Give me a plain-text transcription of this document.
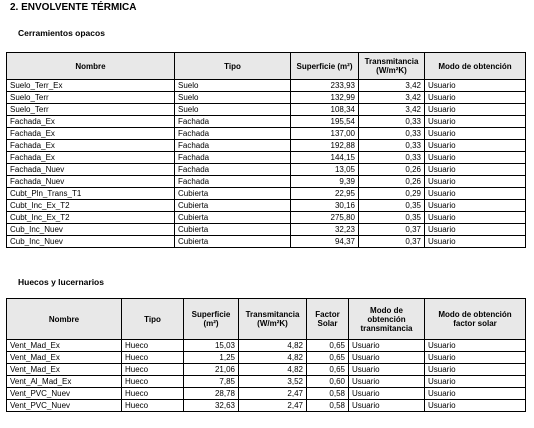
2. ENVOLVENTE TÉRMICA
Cerramientos opacos
Nombre	Tipo	Superficie (m²)	Transmitancia (W/m²K)	Modo de obtención
Suelo_Terr_Ex	Suelo	233,93	3,42	Usuario
Suelo_Terr	Suelo	132,99	3,42	Usuario
Suelo_Terr	Suelo	108,34	3,42	Usuario
Fachada_Ex	Fachada	195,54	0,33	Usuario
Fachada_Ex	Fachada	137,00	0,33	Usuario
Fachada_Ex	Fachada	192,88	0,33	Usuario
Fachada_Ex	Fachada	144,15	0,33	Usuario
Fachada_Nuev	Fachada	13,05	0,26	Usuario
Fachada_Nuev	Fachada	9,39	0,26	Usuario
Cubt_Pln_Trans_T1	Cubierta	22,95	0,29	Usuario
Cubt_Inc_Ex_T2	Cubierta	30,16	0,35	Usuario
Cubt_Inc_Ex_T2	Cubierta	275,80	0,35	Usuario
Cub_Inc_Nuev	Cubierta	32,23	0,37	Usuario
Cub_Inc_Nuev	Cubierta	94,37	0,37	Usuario
Huecos y lucernarios
Nombre	Tipo	Superficie (m²)	Transmitancia (W/m²K)	Factor Solar	Modo de obtención transmitancia	Modo de obtención factor solar
Vent_Mad_Ex	Hueco	15,03	4,82	0,65	Usuario	Usuario
Vent_Mad_Ex	Hueco	1,25	4,82	0,65	Usuario	Usuario
Vent_Mad_Ex	Hueco	21,06	4,82	0,65	Usuario	Usuario
Vent_Al_Mad_Ex	Hueco	7,85	3,52	0,60	Usuario	Usuario
Vent_PVC_Nuev	Hueco	28,78	2,47	0,58	Usuario	Usuario
Vent_PVC_Nuev	Hueco	32,63	2,47	0,58	Usuario	Usuario
